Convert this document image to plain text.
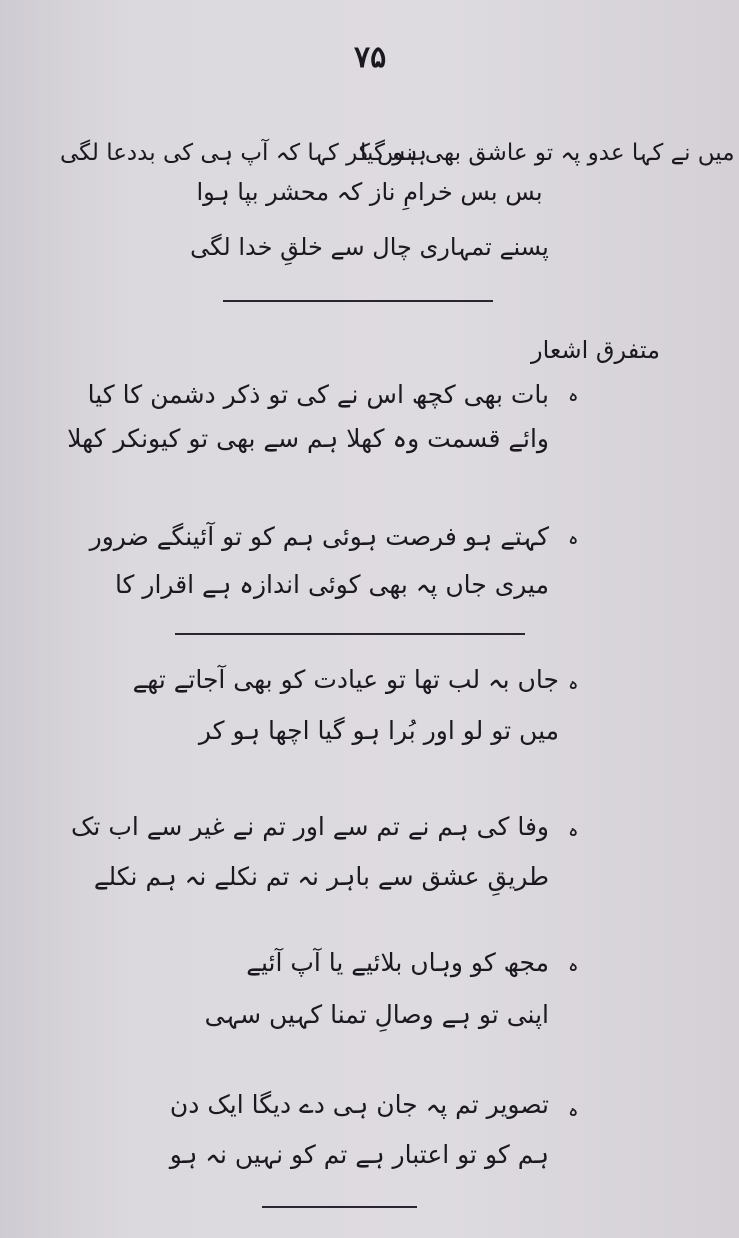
۷۵
میں نے کہا عدو پہ تو عاشق بھی ہو گیا
ہنس کر کہا کہ آپ ہی کی بددعا لگی
بس بس خرامِ ناز کہ محشر بپا ہوا
پسنے تمہاری چال سے خلقِ خدا لگی
متفرق اشعار
ہ
بات بھی کچھ اس نے کی تو ذکر دشمن کا کیا
وائے قسمت وہ کھلا ہم سے بھی تو کیونکر کھلا
ہ
کہتے ہو فرصت ہوئی ہم کو تو آئینگے ضرور
میری جاں پہ بھی کوئی اندازہ ہے اقرار کا
ہ
جاں بہ لب تھا تو عیادت کو بھی آجاتے تھے
میں تو لو اور بُرا ہو گیا اچھا ہو کر
ہ
وفا کی ہم نے تم سے اور تم نے غیر سے اب تک
طریقِ عشق سے باہر نہ تم نکلے نہ ہم نکلے
ہ
مجھ کو وہاں بلائیے یا آپ آئیے
اپنی تو ہے وصالِ تمنا کہیں سہی
ہ
تصویر تم پہ جان ہی دے دیگا ایک دن
ہم کو تو اعتبار ہے تم کو نہیں نہ ہو
